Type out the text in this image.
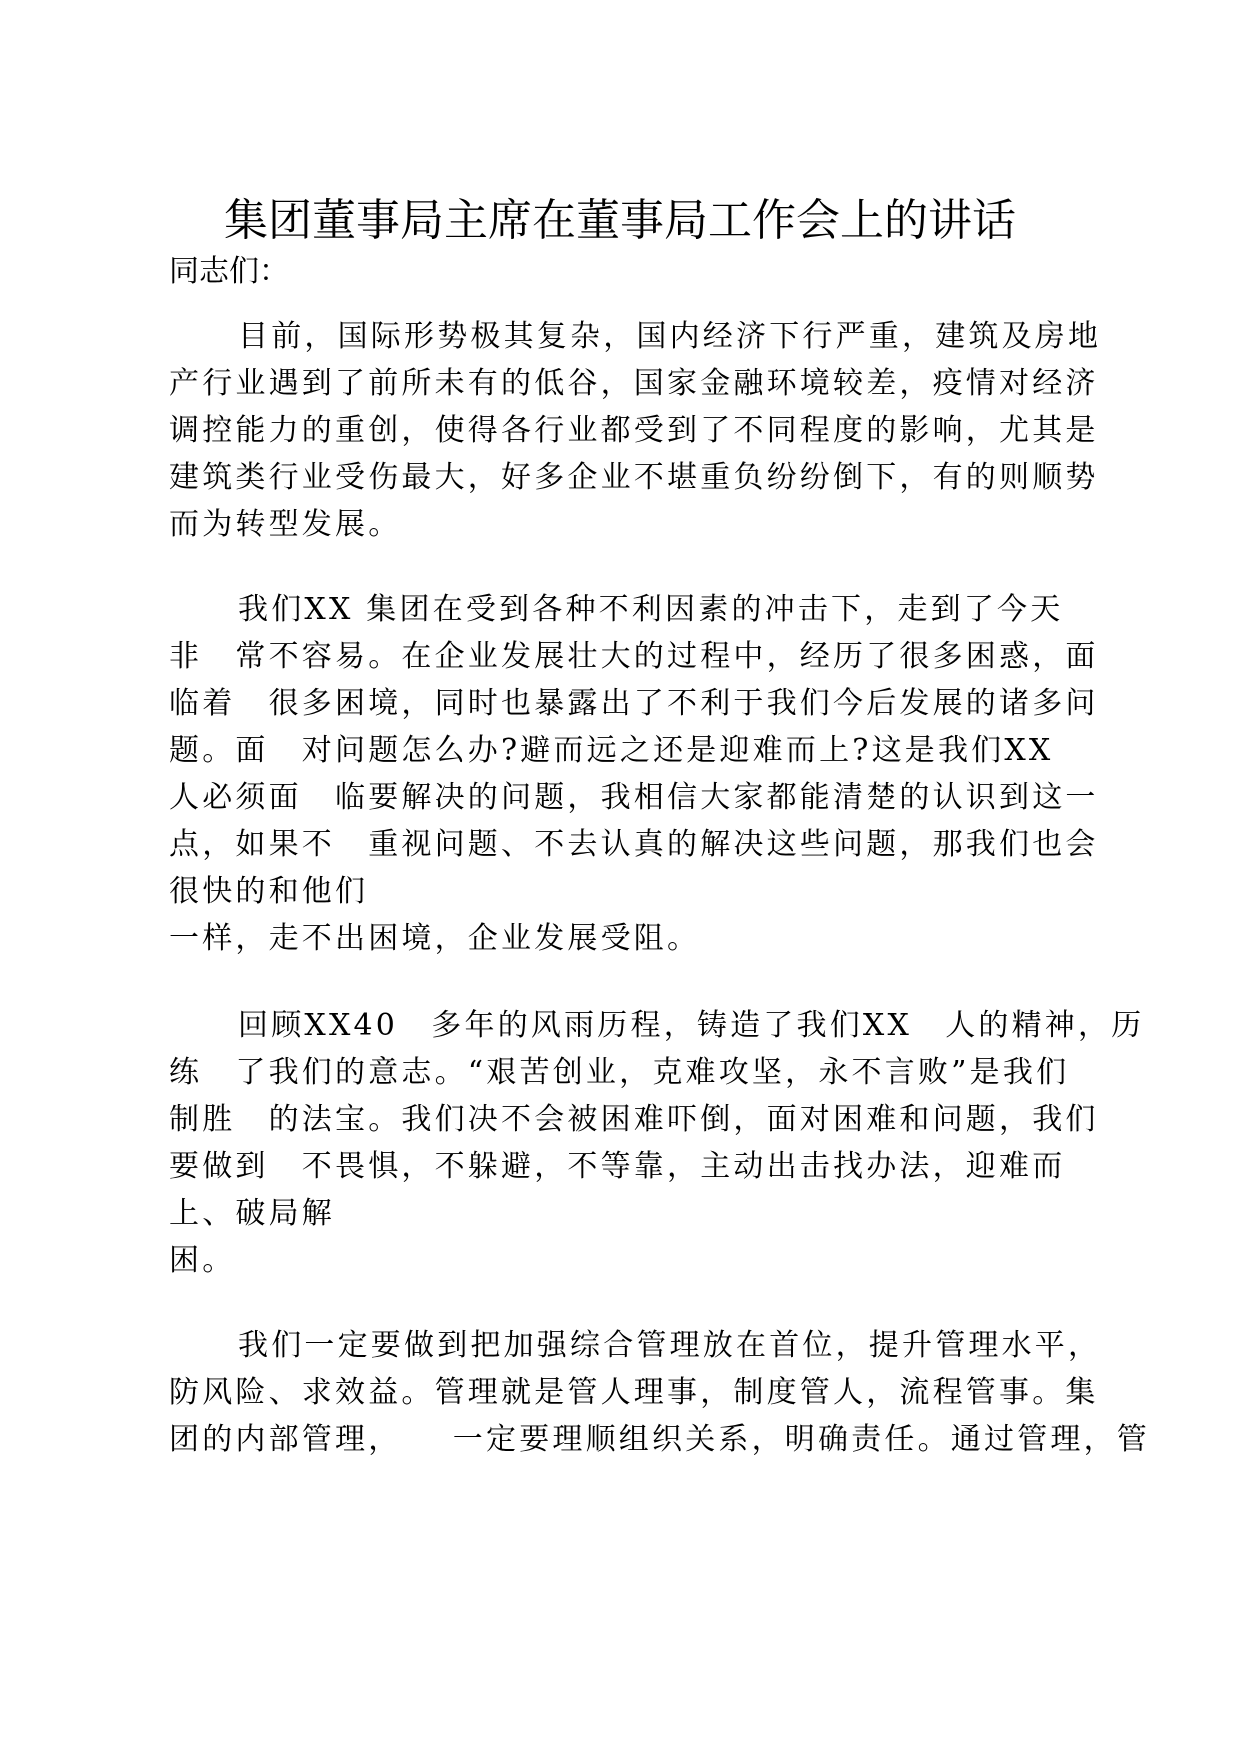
集团董事局主席在董事局工作会上的讲话

同志们：

目前，国际形势极其复杂，国内经济下行严重，建筑及房地

产行业遇到了前所未有的低谷，国家金融环境较差，疫情对经济

调控能力的重创，使得各行业都受到了不同程度的影响，尤其是

建筑类行业受伤最大，好多企业不堪重负纷纷倒下，有的则顺势

而为转型发展。

我们XX 集团在受到各种不利因素的冲击下，走到了今天

非　常不容易。在企业发展壮大的过程中，经历了很多困惑，面

临着　很多困境，同时也暴露出了不利于我们今后发展的诸多问

题。面　对问题怎么办?避而远之还是迎难而上?这是我们XX

人必须面　临要解决的问题，我相信大家都能清楚的认识到这一

点，如果不　重视问题、不去认真的解决这些问题，那我们也会

很快的和他们

一样，走不出困境，企业发展受阻。

回顾XX40　多年的风雨历程，铸造了我们XX　人的精神，历

练　了我们的意志。“艰苦创业，克难攻坚，永不言败”是我们

制胜　的法宝。我们决不会被困难吓倒，面对困难和问题，我们

要做到　不畏惧，不躲避，不等靠，主动出击找办法，迎难而

上、破局解

困。

我们一定要做到把加强综合管理放在首位，提升管理水平，

防风险、求效益。管理就是管人理事，制度管人，流程管事。集

团的内部管理，　　一定要理顺组织关系，明确责任。通过管理，管
